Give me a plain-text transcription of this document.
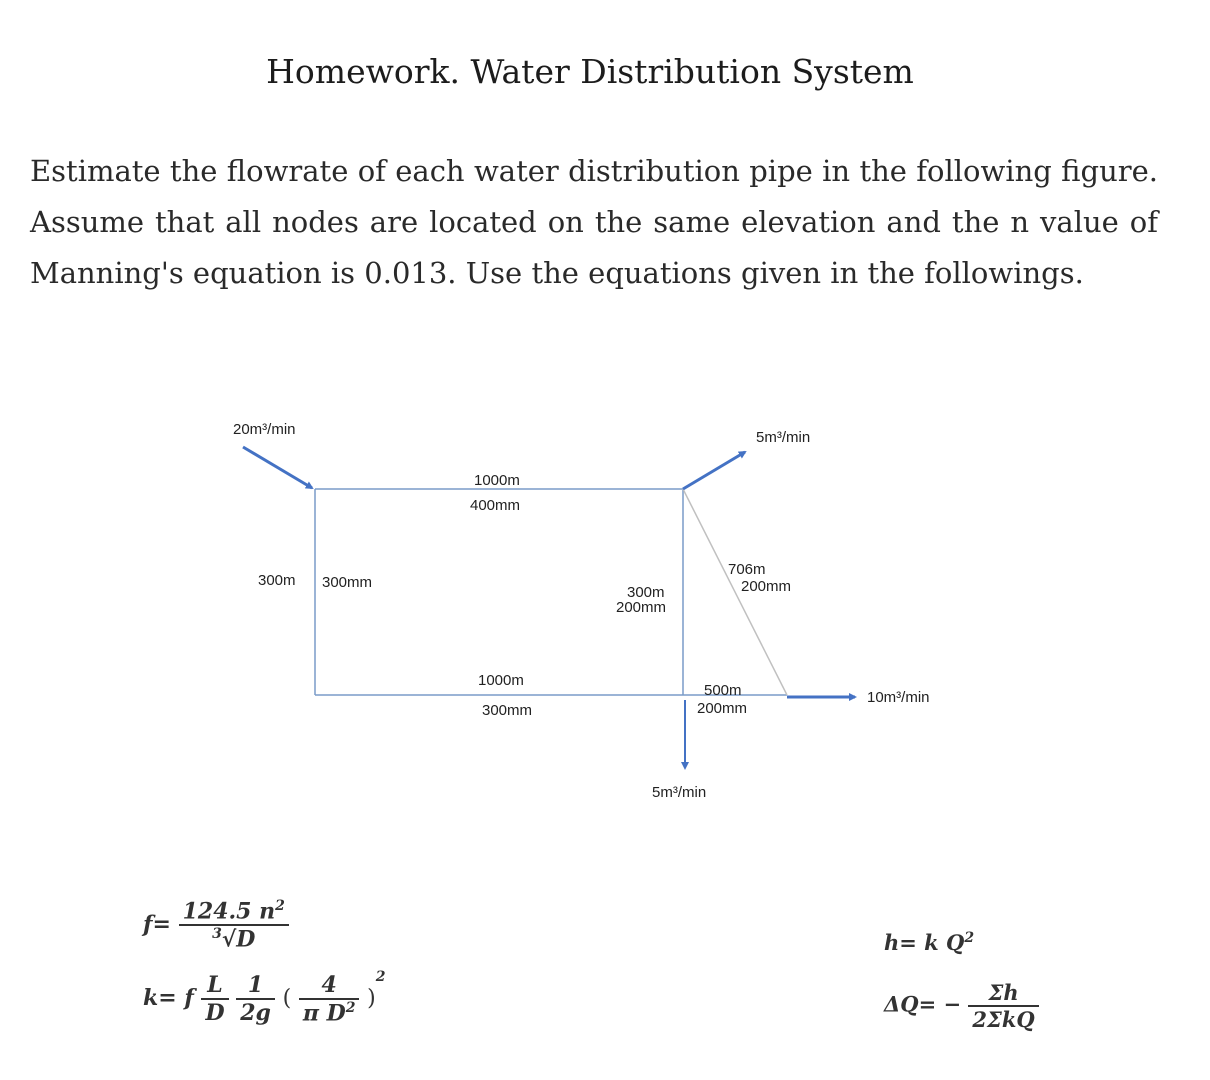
Homework. Water Distribution System

Estimate the flowrate of each water distribution pipe in the following figure. Assume that all nodes are located on the same elevation and the n value of Manning's equation is 0.013. Use the equations given in the followings.

20m³/min	5m³/min
10m³/min
5m³/min
1000m
400mm
300m 300mm
300m
200mm
706m
200mm
1000m
300mm
500m
200mm
$f= \frac{124.5 n^2}{^3√D}$
k= f $\frac{L}{D}$
$\frac{1}{2g}$ ( $\frac{4}{\pi D^2} )^2$
h= k $Q^2$
$\Delta Q= - \frac{\Sigma h}{\text{2ΣkQ}}$
